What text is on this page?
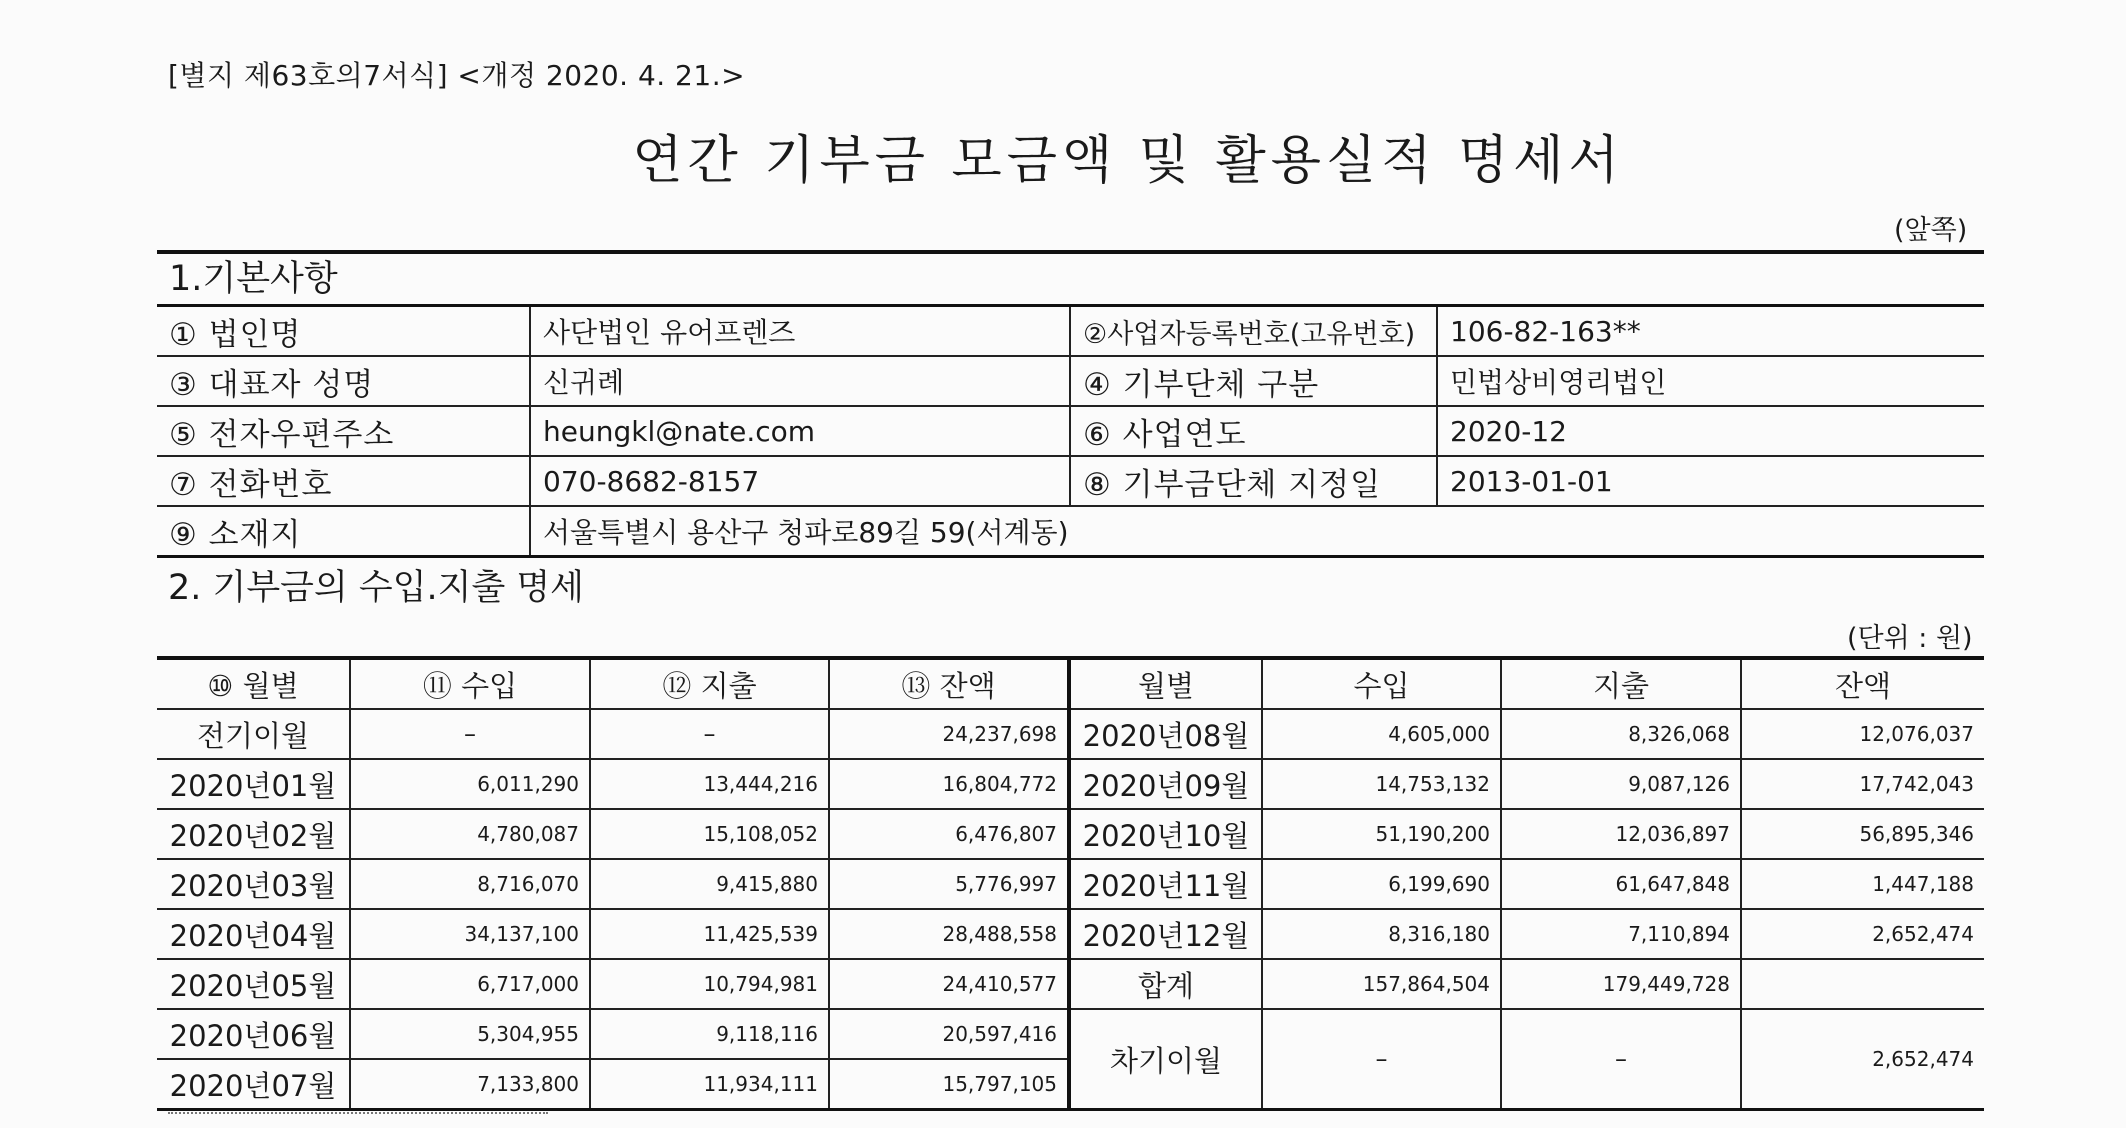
[별지 제63호의7서식] <개정 2020. 4. 21.>
연간 기부금 모금액 및 활용실적 명세서
(앞쪽)
1.기본사항
① 법인명	사단법인 유어프렌즈	②사업자등록번호(고유번호)	106-82-163**
③ 대표자 성명	신귀례	④ 기부단체 구분	민법상비영리법인
⑤ 전자우편주소	heungkl@nate.com	⑥ 사업연도	2020-12
⑦ 전화번호	070-8682-8157	⑧ 기부금단체 지정일	2013-01-01
⑨ 소재지	서울특별시 용산구 청파로89길 59(서계동)		
2. 기부금의 수입.지출 명세
(단위 : 원)
⑩ 월별	⑪ 수입	⑫ 지출	⑬ 잔액	월별	수입	지출	잔액
전기이월	–	–	24,237,698	2020년08월	4,605,000	8,326,068	12,076,037
2020년01월	6,011,290	13,444,216	16,804,772	2020년09월	14,753,132	9,087,126	17,742,043
2020년02월	4,780,087	15,108,052	6,476,807	2020년10월	51,190,200	12,036,897	56,895,346
2020년03월	8,716,070	9,415,880	5,776,997	2020년11월	6,199,690	61,647,848	1,447,188
2020년04월	34,137,100	11,425,539	28,488,558	2020년12월	8,316,180	7,110,894	2,652,474
2020년05월	6,717,000	10,794,981	24,410,577	합계	157,864,504	179,449,728	
2020년06월	5,304,955	9,118,116	20,597,416	차기이월	–	–	2,652,474
2020년07월	7,133,800	11,934,111	15,797,105				
